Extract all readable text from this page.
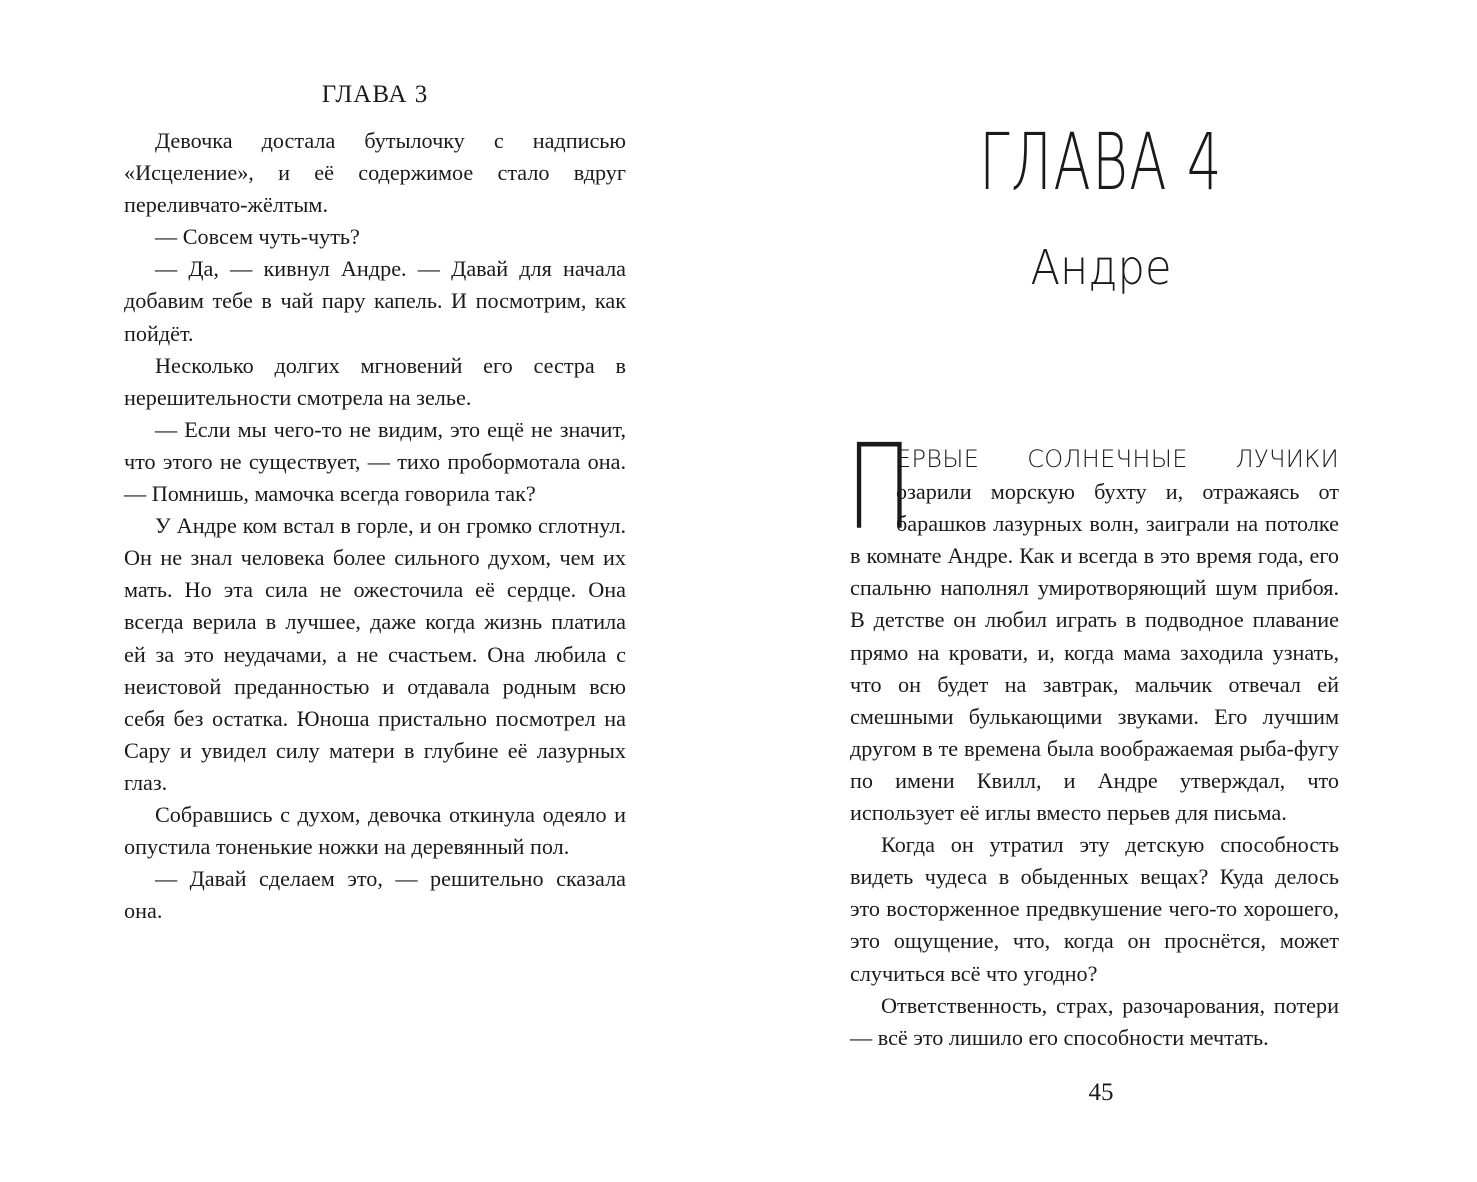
ГЛАВА 3

Девочка достала бутылочку с надписью «Исцеление», и её содержимое стало вдруг переливчато-жёлтым.

— Совсем чуть-чуть?

— Да, — кивнул Андре. — Давай для начала добавим тебе в чай пару капель. И посмотрим, как пойдёт.

Несколько долгих мгновений его сестра в нерешительности смотрела на зелье.

— Если мы чего-то не видим, это ещё не значит, что этого не существует, — тихо пробормотала она. — Помнишь, мамочка всегда говорила так?

У Андре ком встал в горле, и он громко сглотнул. Он не знал человека более сильного духом, чем их мать. Но эта сила не ожесточила её сердце. Она всегда верила в лучшее, даже когда жизнь платила ей за это неудачами, а не счастьем. Она любила с неистовой преданностью и отдавала родным всю себя без остатка. Юноша пристально посмотрел на Сару и увидел силу матери в глубине её лазурных глаз.

Собравшись с духом, девочка откинула одеяло и опустила тоненькие ножки на деревянный пол.

— Давай сделаем это, — решительно сказала она.

ГЛАВА 4
Андре

П
ЕРВЫЕ СОЛНЕЧНЫЕ ЛУЧИКИ озарили морскую бухту и, отражаясь от барашков лазурных волн, заиграли на потолке в комнате Андре. Как и всегда в это время года, его спальню наполнял умиротворяющий шум прибоя. В детстве он любил играть в подводное плавание прямо на кровати, и, когда мама заходила узнать, что он будет на завтрак, мальчик отвечал ей смешными булькающими звуками. Его лучшим другом в те времена была воображаемая рыба-фугу по имени Квилл, и Андре утверждал, что использует её иглы вместо перьев для письма.

Когда он утратил эту детскую способность видеть чудеса в обыденных вещах? Куда делось это восторженное предвкушение чего-то хорошего, это ощущение, что, когда он проснётся, может случиться всё что угодно?

Ответственность, страх, разочарования, потери — всё это лишило его способности мечтать.

45
